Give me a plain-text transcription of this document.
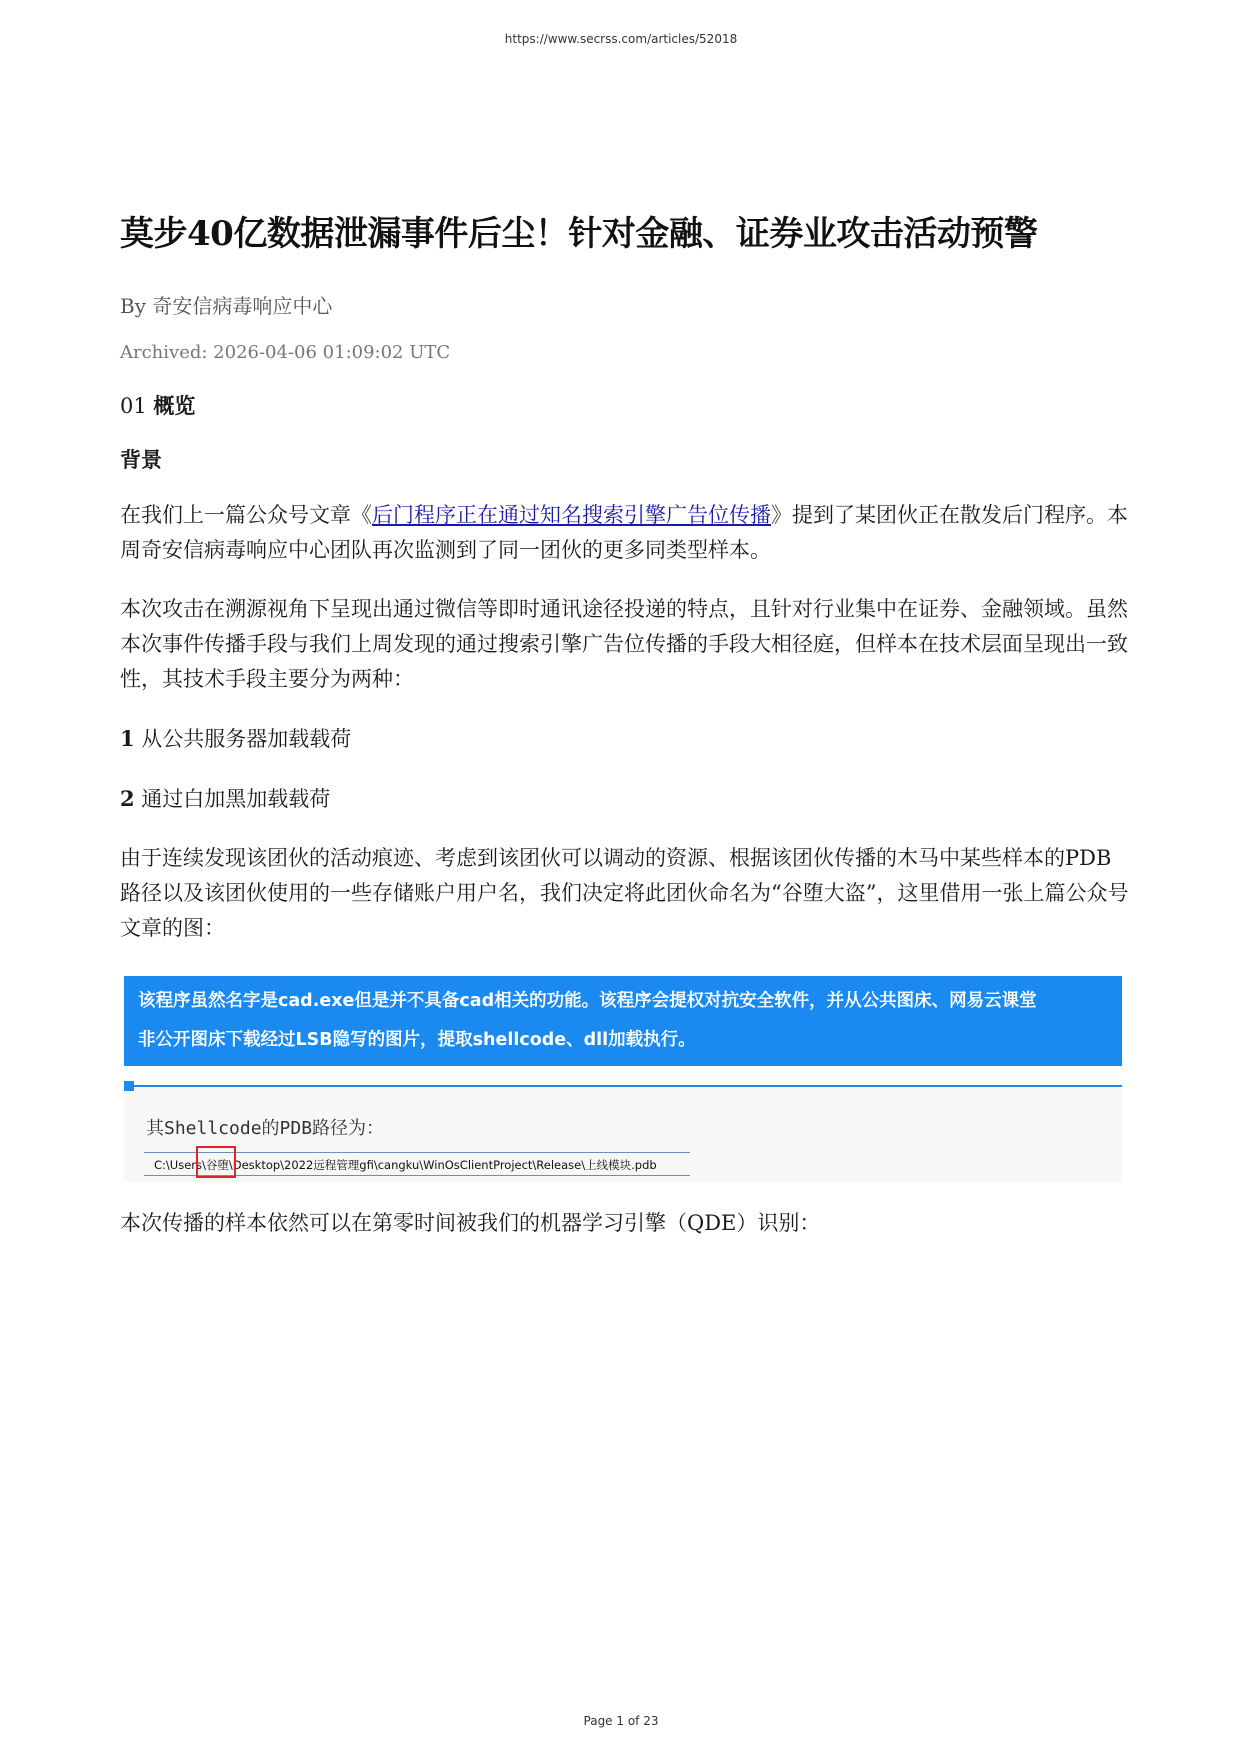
https://www.secrss.com/articles/52018
莫步40亿数据泄漏事件后尘！针对金融、证券业攻击活动预警
By 奇安信病毒响应中心
Archived: 2026-04-06 01:09:02 UTC
01 概览
背景

在我们上一篇公众号文章《后门程序正在通过知名搜索引擎广告位传播》提到了某团伙正在散发后门程序。本周奇安信病毒响应中心团队再次监测到了同一团伙的更多同类型样本。

本次攻击在溯源视角下呈现出通过微信等即时通讯途径投递的特点，且针对行业集中在证券、金融领域。虽然本次事件传播手段与我们上周发现的通过搜索引擎广告位传播的手段大相径庭，但样本在技术层面呈现出一致性，其技术手段主要分为两种：

1 从公共服务器加载载荷

2 通过白加黑加载载荷

由于连续发现该团伙的活动痕迹、考虑到该团伙可以调动的资源、根据该团伙传播的木马中某些样本的PDB路径以及该团伙使用的一些存储账户用户名，我们决定将此团伙命名为“谷堕大盗”，这里借用一张上篇公众号文章的图：

该程序虽然名字是cad.exe但是并不具备cad相关的功能。该程序会提权对抗安全软件，并从公共图床、网易云课堂
非公开图床下载经过LSB隐写的图片，提取shellcode、dll加载执行。
其Shellcode的PDB路径为：
C:\Users\谷堕\Desktop\2022远程管理gfi\cangku\WinOsClientProject\Release\上线模块.pdb

本次传播的样本依然可以在第零时间被我们的机器学习引擎（QDE）识别：

Page 1 of 23
